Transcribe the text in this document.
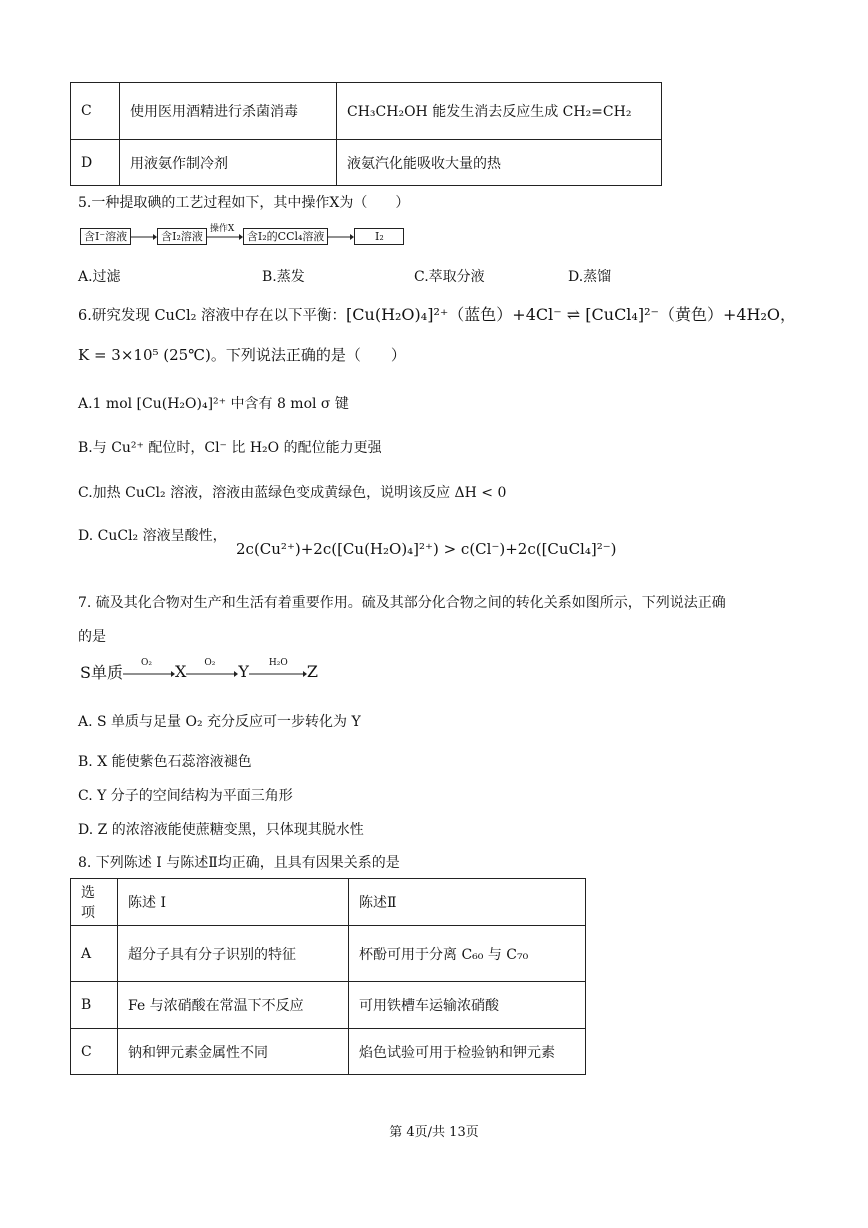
C	使用医用酒精进行杀菌消毒	CH₃CH₂OH 能发生消去反应生成 CH₂=CH₂
D	用液氨作制冷剂	液氨汽化能吸收大量的热
5.一种提取碘的工艺过程如下，其中操作X为（　　）
含I⁻溶液	含I₂溶液
操作X
含I₂的CCl₄溶液	I₂
A.过滤	B.蒸发	C.萃取分液	D.蒸馏
6.研究发现 CuCl₂ 溶液中存在以下平衡：[Cu(H₂O)₄]²⁺（蓝色）+4Cl⁻ ⇌ [CuCl₄]²⁻（黄色）+4H₂O，
K = 3×10⁵ (25℃)。下列说法正确的是（　　）
A.1 mol [Cu(H₂O)₄]²⁺ 中含有 8 mol σ 键
B.与 Cu²⁺ 配位时，Cl⁻ 比 H₂O 的配位能力更强
C.加热 CuCl₂ 溶液，溶液由蓝绿色变成黄绿色，说明该反应 ΔH < 0
D. CuCl₂ 溶液呈酸性，
2c(Cu²⁺)+2c([Cu(H₂O)₄]²⁺) > c(Cl⁻)+2c([CuCl₄]²⁻)
7. 硫及其化合物对生产和生活有着重要作用。硫及其部分化合物之间的转化关系如图所示，下列说法正确
的是
S单质
O₂ X O₂ Y H₂O Z
A. S 单质与足量 O₂ 充分反应可一步转化为 Y
B. X 能使紫色石蕊溶液褪色
C. Y 分子的空间结构为平面三角形
D. Z 的浓溶液能使蔗糖变黑，只体现其脱水性
8. 下列陈述 I 与陈述Ⅱ均正确，且具有因果关系的是
选项	陈述 I	陈述Ⅱ
A	超分子具有分子识别的特征	杯酚可用于分离 C₆₀ 与 C₇₀
B	Fe 与浓硝酸在常温下不反应	可用铁槽车运输浓硝酸
C	钠和钾元素金属性不同	焰色试验可用于检验钠和钾元素
第 4页/共 13页
